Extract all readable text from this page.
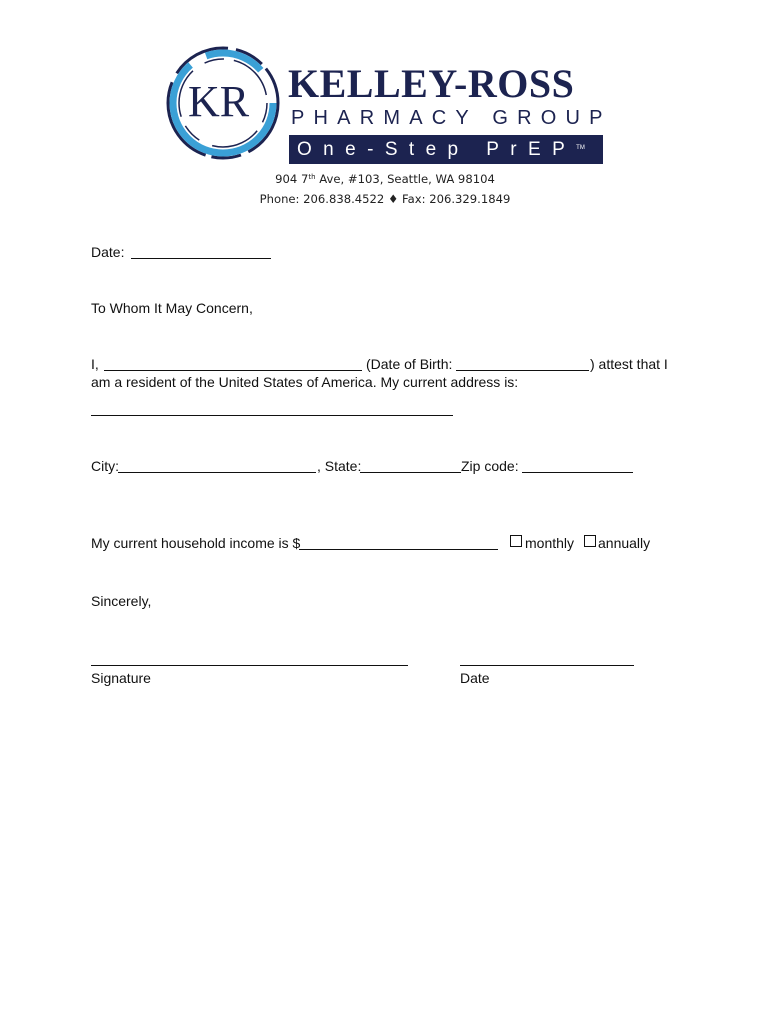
KR KELLEY-ROSS
PHARMACY GROUP
One-Step PrEP™
904 7th Ave, #103, Seattle, WA 98104
Phone: 206.838.4522 ♦ Fax: 206.329.1849
Date:
To Whom It May Concern,
I,	(Date of Birth:	) attest that I
am a resident of the United States of America. My current address is:
City:	, State:	Zip code:
My current household income is $	monthly annually
Sincerely,
Signature	Date
